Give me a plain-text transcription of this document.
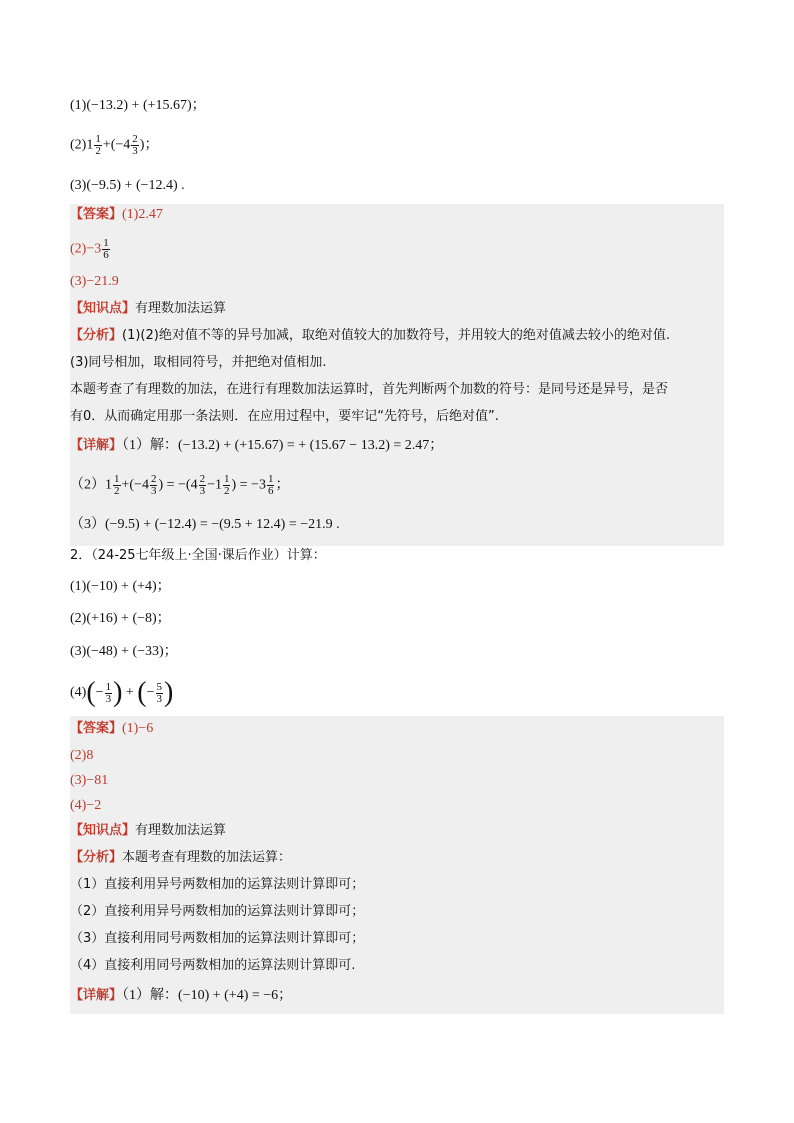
(1)(−13.2) + (+15.67)；
$(2)1 \frac{1}{2} +(-4 \frac{2}{3}$ )；
(3)(−9.5) + (−12.4) .
【答案】(1)2.47
$(2)-3 \frac{1}{6}$
(3)−21.9
【知识点】有理数加法运算
【分析】(1)(2)绝对值不等的异号加减，取绝对值较大的加数符号，并用较大的绝对值减去较小的绝对值.
(3)同号相加，取相同符号，并把绝对值相加.
本题考查了有理数的加法，在进行有理数加法运算时，首先判断两个加数的符号：是同号还是异号，是否
有0．从而确定用那一条法则．在应用过程中，要牢记“先符号，后绝对值”.
【详解】（1）解：(−13.2) + (+15.67) = + (15.67 − 13.2) = 2.47；
$(2)1 \frac{1}{2} +(-4 \frac{2}{3}$ ) = $-(4 \frac{2}{3} -1 \frac{1}{2}$ ) = $-3 \frac{1}{6}$ ；
（3）(−9.5) + (−12.4) = −(9.5 + 12.4) = −21.9 .
2．（24-25七年级上·全国·课后作业）计算：
(1)(−10) + (+4)；
(2)(+16) + (−8)；
(3)(−48) + (−33)；
$(4)(- \frac{1}{3}$ ) + (− $\frac{5}{3}$ )
【答案】(1)−6
(2)8
(3)−81
(4)−2
【知识点】有理数加法运算
【分析】本题考查有理数的加法运算：
（1）直接利用异号两数相加的运算法则计算即可；
（2）直接利用异号两数相加的运算法则计算即可；
（3）直接利用同号两数相加的运算法则计算即可；
（4）直接利用同号两数相加的运算法则计算即可.
【详解】（1）解：(−10) + (+4) = −6；
